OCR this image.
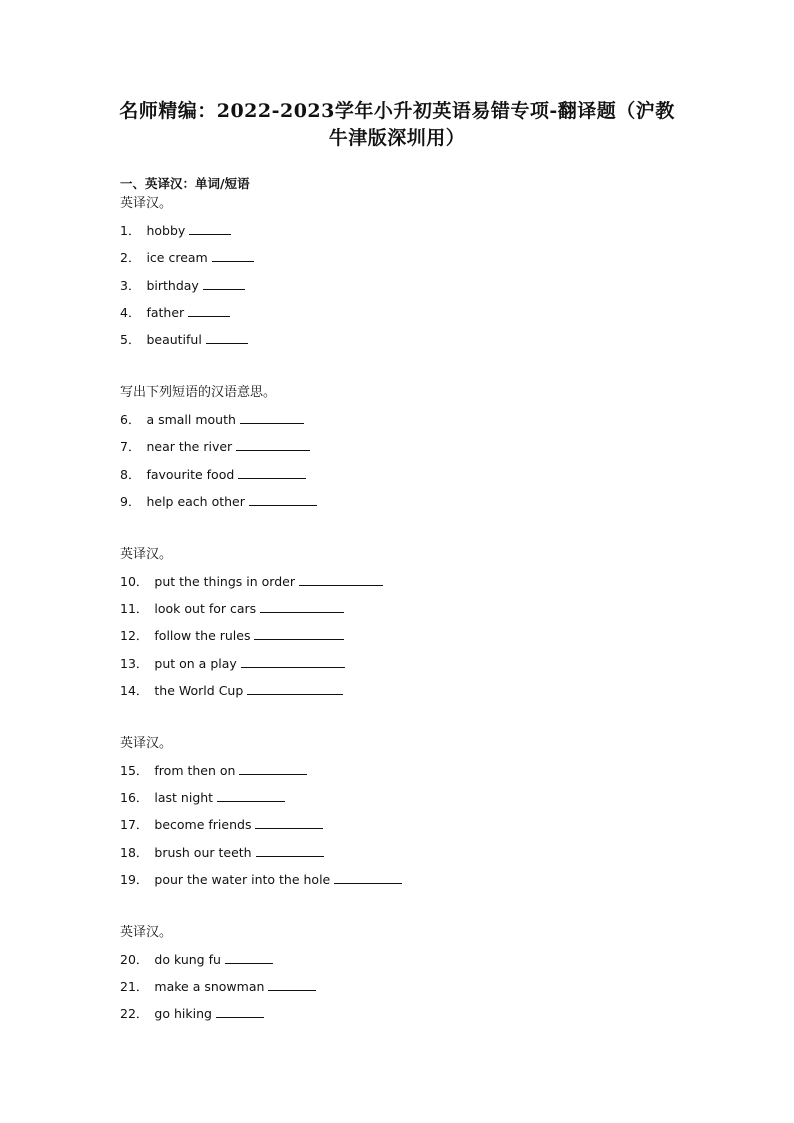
名师精编：2022-2023学年小升初英语易错专项-翻译题（沪教
牛津版深圳用）
一、英译汉：单词/短语
英译汉。
1． hobby
2． ice cream
3． birthday
4． father
5． beautiful
写出下列短语的汉语意思。
6． a small mouth
7． near the river
8． favourite food
9． help each other
英译汉。
10． put the things in order
11． look out for cars
12． follow the rules
13． put on a play
14． the World Cup
英译汉。
15． from then on
16． last night
17． become friends
18． brush our teeth
19． pour the water into the hole
英译汉。
20． do kung fu
21． make a snowman
22． go hiking
